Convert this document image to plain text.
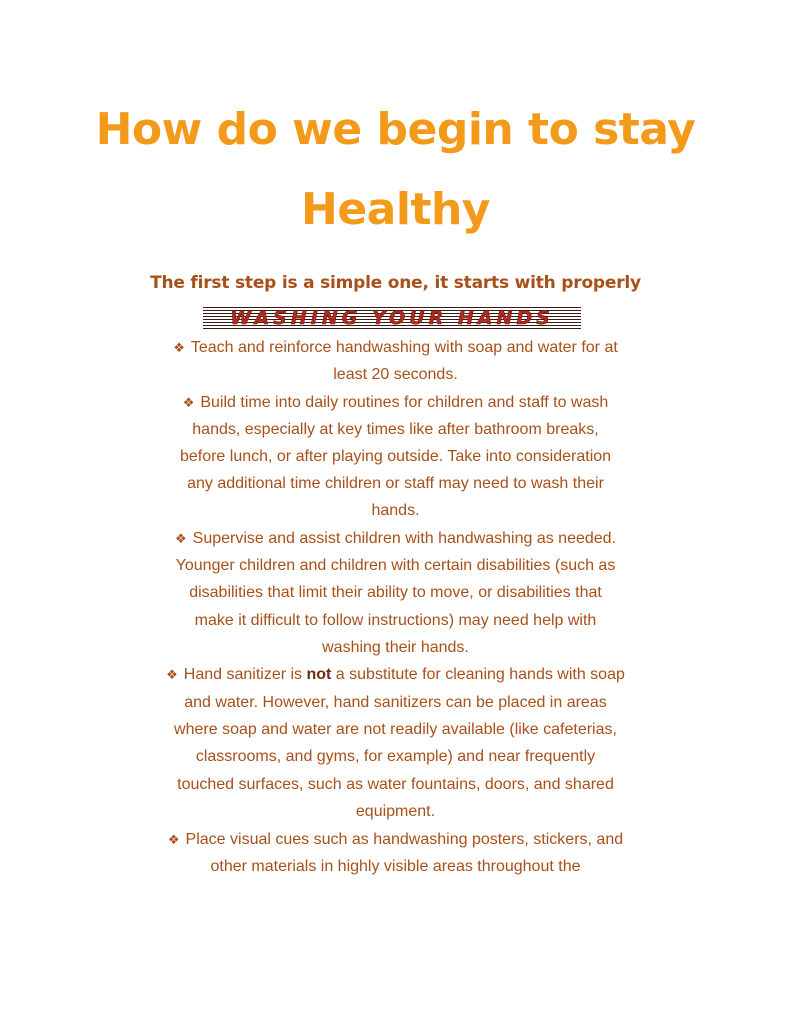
How do we begin to stay
Healthy

The first step is a simple one, it starts with properly

WASHING YOUR HANDS
❖ Teach and reinforce handwashing with soap and water for at
least 20 seconds.
❖ Build time into daily routines for children and staff to wash
hands, especially at key times like after bathroom breaks,
before lunch, or after playing outside. Take into consideration
any additional time children or staff may need to wash their
hands.
❖ Supervise and assist children with handwashing as needed.
Younger children and children with certain disabilities (such as
disabilities that limit their ability to move, or disabilities that
make it difficult to follow instructions) may need help with
washing their hands.
❖ Hand sanitizer is not a substitute for cleaning hands with soap
and water. However, hand sanitizers can be placed in areas
where soap and water are not readily available (like cafeterias,
classrooms, and gyms, for example) and near frequently
touched surfaces, such as water fountains, doors, and shared
equipment.
❖ Place visual cues such as handwashing posters, stickers, and
other materials in highly visible areas throughout the
